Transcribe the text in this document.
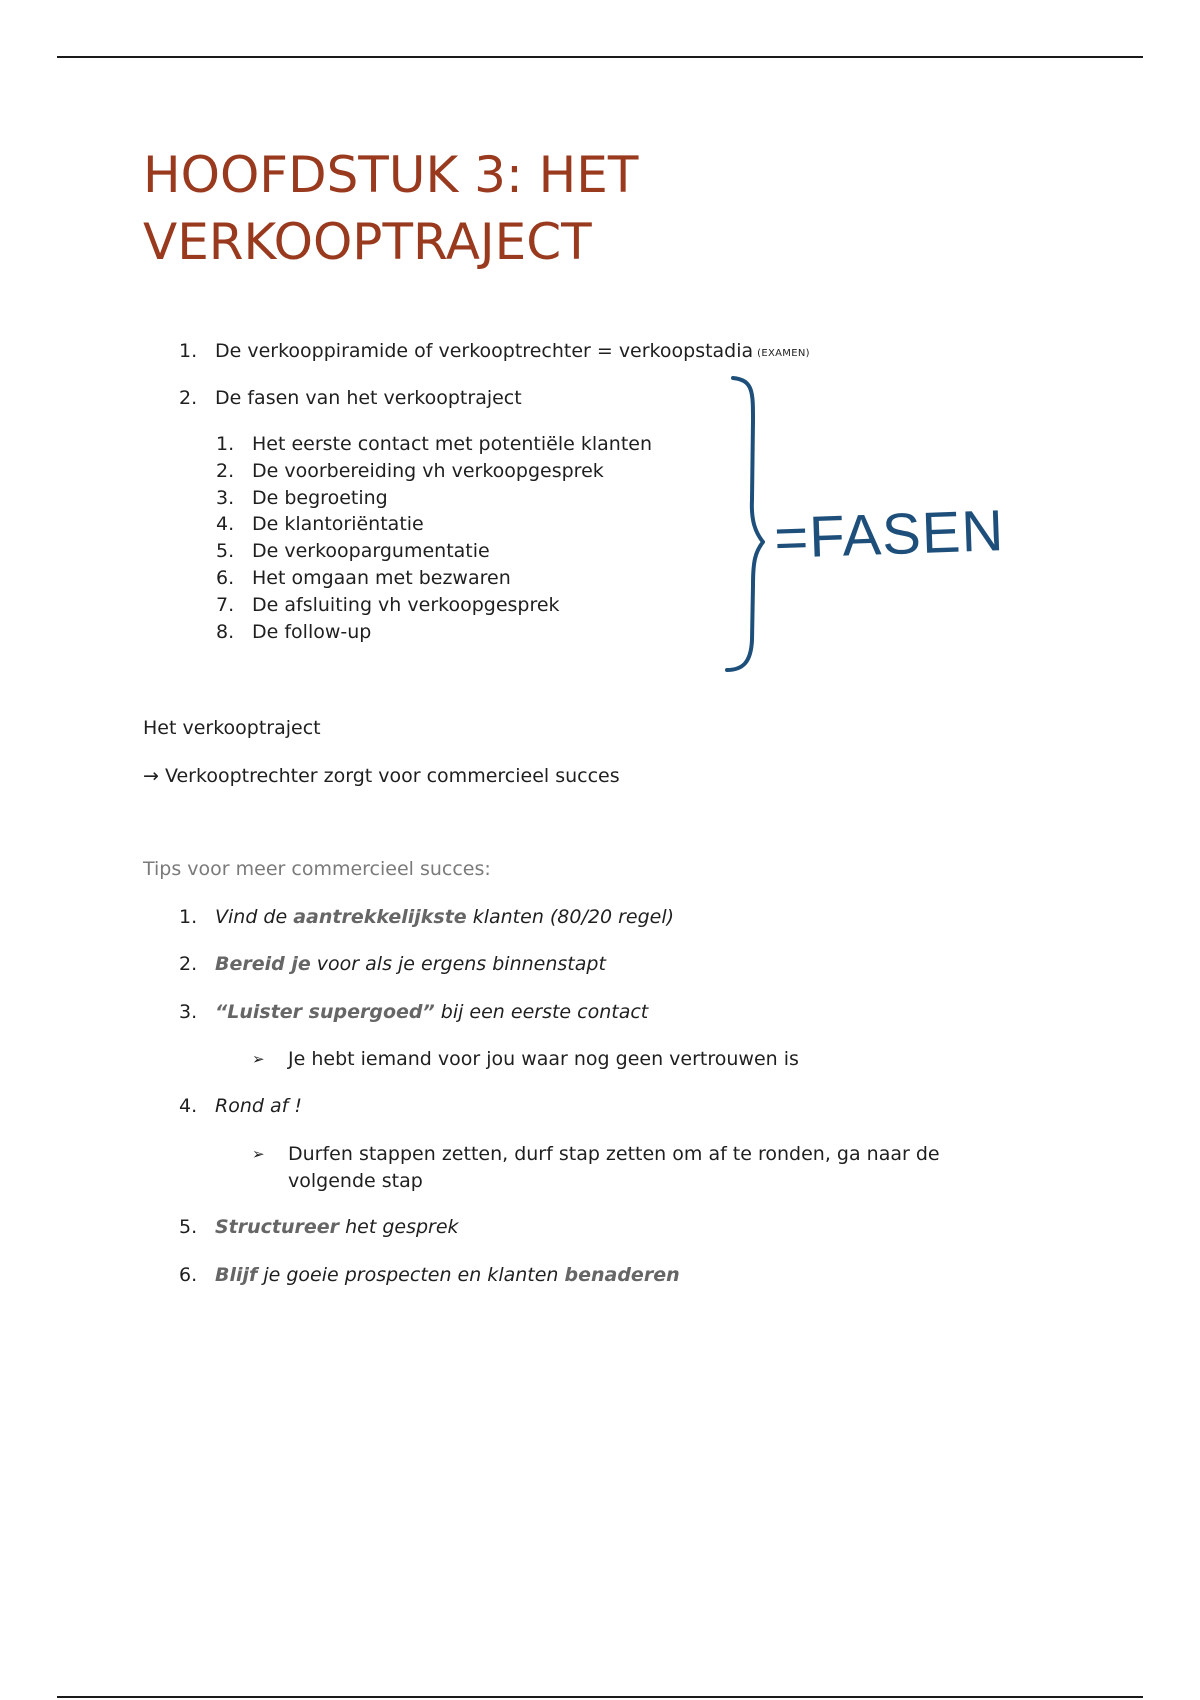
HOOFDSTUK 3: HET
VERKOOPTRAJECT

1. De verkooppiramide of verkooptrechter = verkoopstadia (EXAMEN)

2. De fasen van het verkooptraject

1. Het eerste contact met potentiële klanten
2. De voorbereiding vh verkoopgesprek
3. De begroeting
4. De klantoriëntatie
5. De verkoopargumentatie
6. Het omgaan met bezwaren
7. De afsluiting vh verkoopgesprek
8. De follow-up
=FASEN

Het verkooptraject

→ Verkooptrechter zorgt voor commercieel succes

Tips voor meer commercieel succes:

1. Vind de aantrekkelijkste klanten (80/20 regel)

2. Bereid je voor als je ergens binnenstapt

3. “Luister supergoed” bij een eerste contact

➢ Je hebt iemand voor jou waar nog geen vertrouwen is

4. Rond af !

➢	Durfen stappen zetten, durf stap zetten om af te ronden, ga naar de volgende stap

5. Structureer het gesprek

6. Blijf je goeie prospecten en klanten benaderen
